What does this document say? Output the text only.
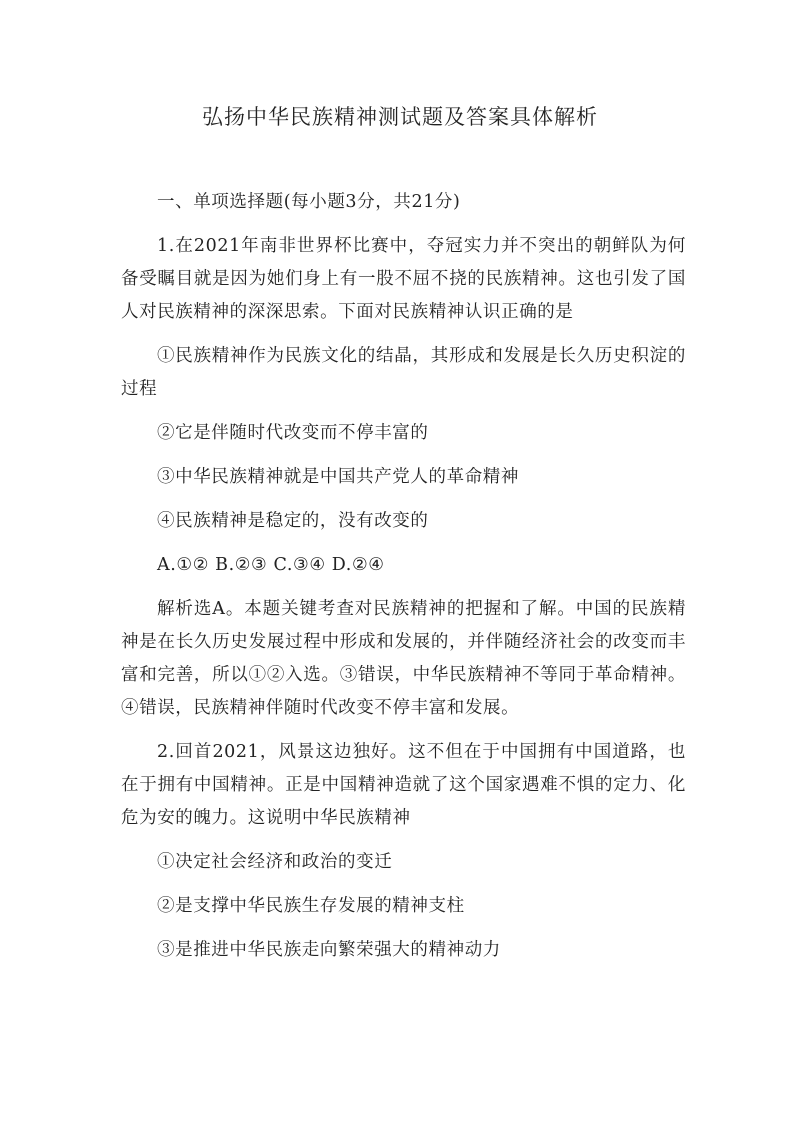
弘扬中华民族精神测试题及答案具体解析

一、单项选择题(每小题3分，共21分)

1.在2021年南非世界杯比赛中，夺冠实力并不突出的朝鲜队为何备受瞩目就是因为她们身上有一股不屈不挠的民族精神。这也引发了国人对民族精神的深深思索。下面对民族精神认识正确的是

①民族精神作为民族文化的结晶，其形成和发展是长久历史积淀的过程

②它是伴随时代改变而不停丰富的

③中华民族精神就是中国共产党人的革命精神

④民族精神是稳定的，没有改变的

A.①② B.②③ C.③④ D.②④

解析选A。本题关键考查对民族精神的把握和了解。中国的民族精神是在长久历史发展过程中形成和发展的，并伴随经济社会的改变而丰富和完善，所以①②入选。③错误，中华民族精神不等同于革命精神。④错误，民族精神伴随时代改变不停丰富和发展。

2.回首2021，风景这边独好。这不但在于中国拥有中国道路，也在于拥有中国精神。正是中国精神造就了这个国家遇难不惧的定力、化危为安的魄力。这说明中华民族精神

①决定社会经济和政治的变迁

②是支撑中华民族生存发展的精神支柱

③是推进中华民族走向繁荣强大的精神动力
